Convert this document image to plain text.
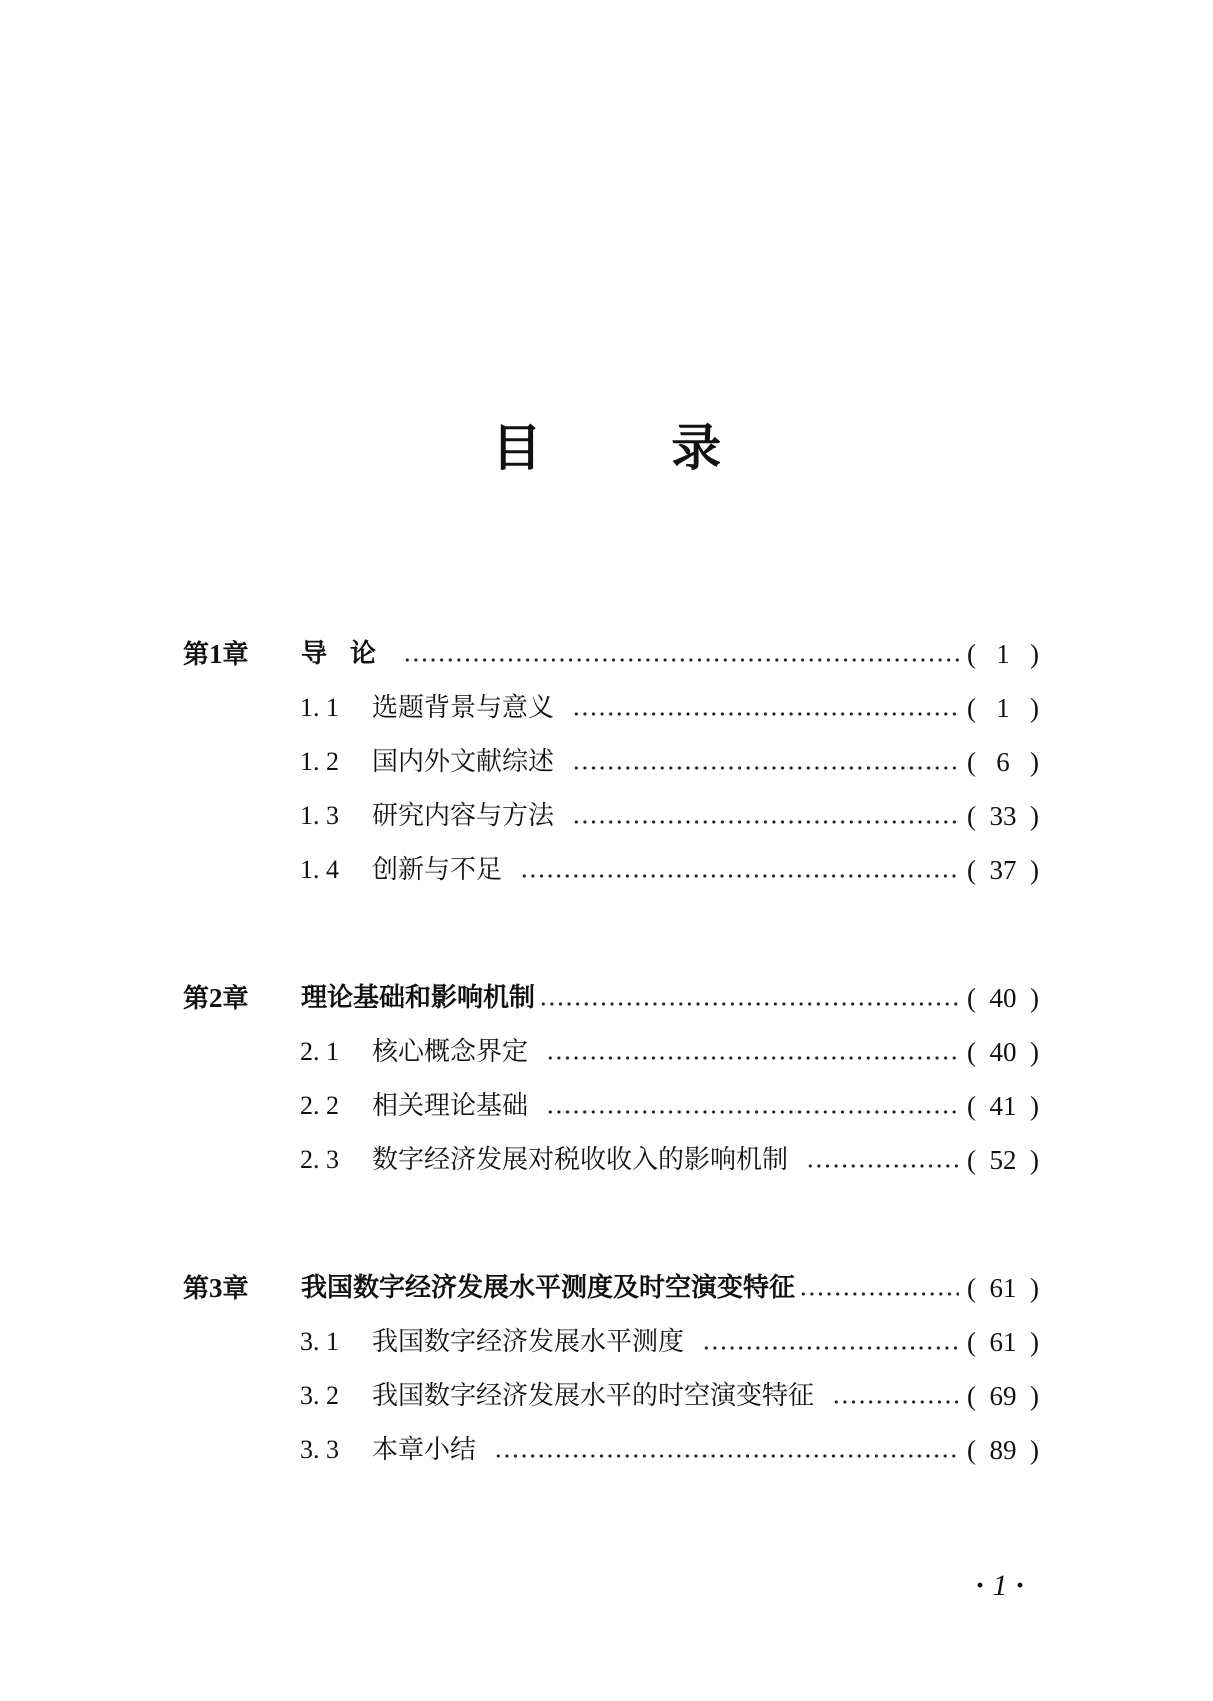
目 录
第1章	导论	( 1 )
1. 1	选题背景与意义	( 1 )
1. 2	国内外文献综述	( 6 )
1. 3	研究内容与方法	( 33 )
1. 4	创新与不足	( 37 )
第2章	理论基础和影响机制	( 40 )
2. 1	核心概念界定	( 40 )
2. 2	相关理论基础	( 41 )
2. 3	数字经济发展对税收收入的影响机制	( 52 )
第3章	我国数字经济发展水平测度及时空演变特征	( 61 )
3. 1	我国数字经济发展水平测度	( 61 )
3. 2	我国数字经济发展水平的时空演变特征	( 69 )
3. 3	本章小结	( 89 )
· 1 ·
